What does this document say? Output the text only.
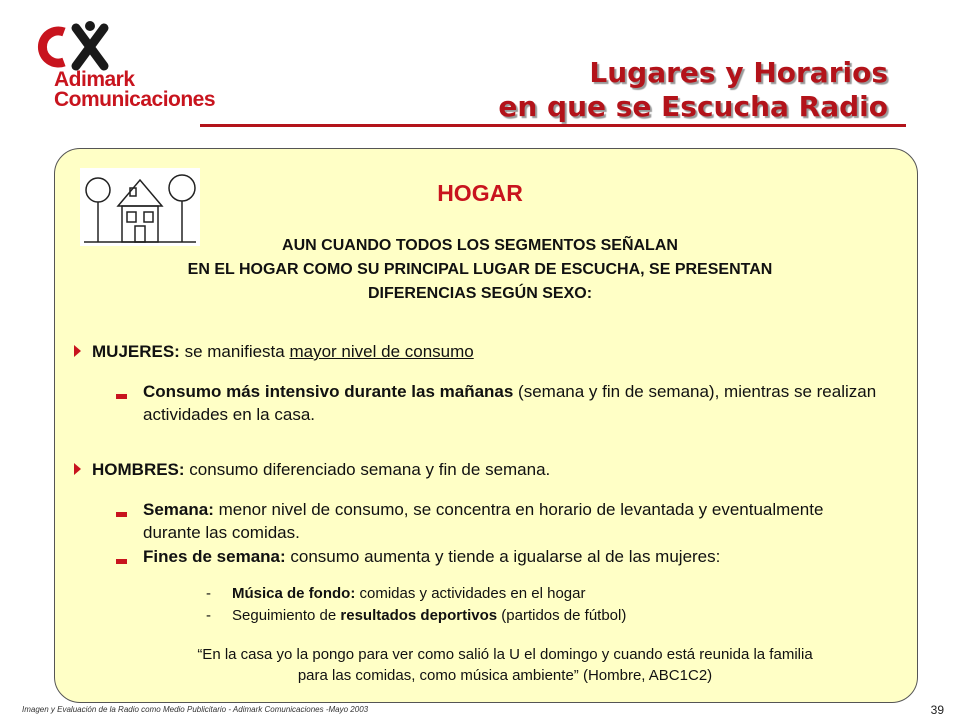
Adimark
Comunicaciones
Lugares y Horarios
en que se Escucha Radio
HOGAR
AUN CUANDO TODOS LOS SEGMENTOS SEÑALAN
EN EL HOGAR COMO SU PRINCIPAL LUGAR DE ESCUCHA, SE PRESENTAN
DIFERENCIAS SEGÚN SEXO:
MUJERES: se manifiesta mayor nivel de consumo
Consumo más intensivo durante las mañanas (semana y fin de semana), mientras se realizan actividades en la casa.
HOMBRES: consumo diferenciado semana y fin de semana.
Semana: menor nivel de consumo, se concentra en horario de levantada y eventualmente durante las comidas.
Fines de semana: consumo aumenta y tiende a igualarse al de las mujeres:
- Música de fondo: comidas y actividades en el hogar
- Seguimiento de resultados deportivos (partidos de fútbol)
“En la casa yo la pongo para ver como salió la U el domingo y cuando está reunida la familia
para las comidas, como música ambiente” (Hombre, ABC1C2)
Imagen y Evaluación de la Radio como Medio Publicitario - Adimark Comunicaciones -Mayo 2003	39
